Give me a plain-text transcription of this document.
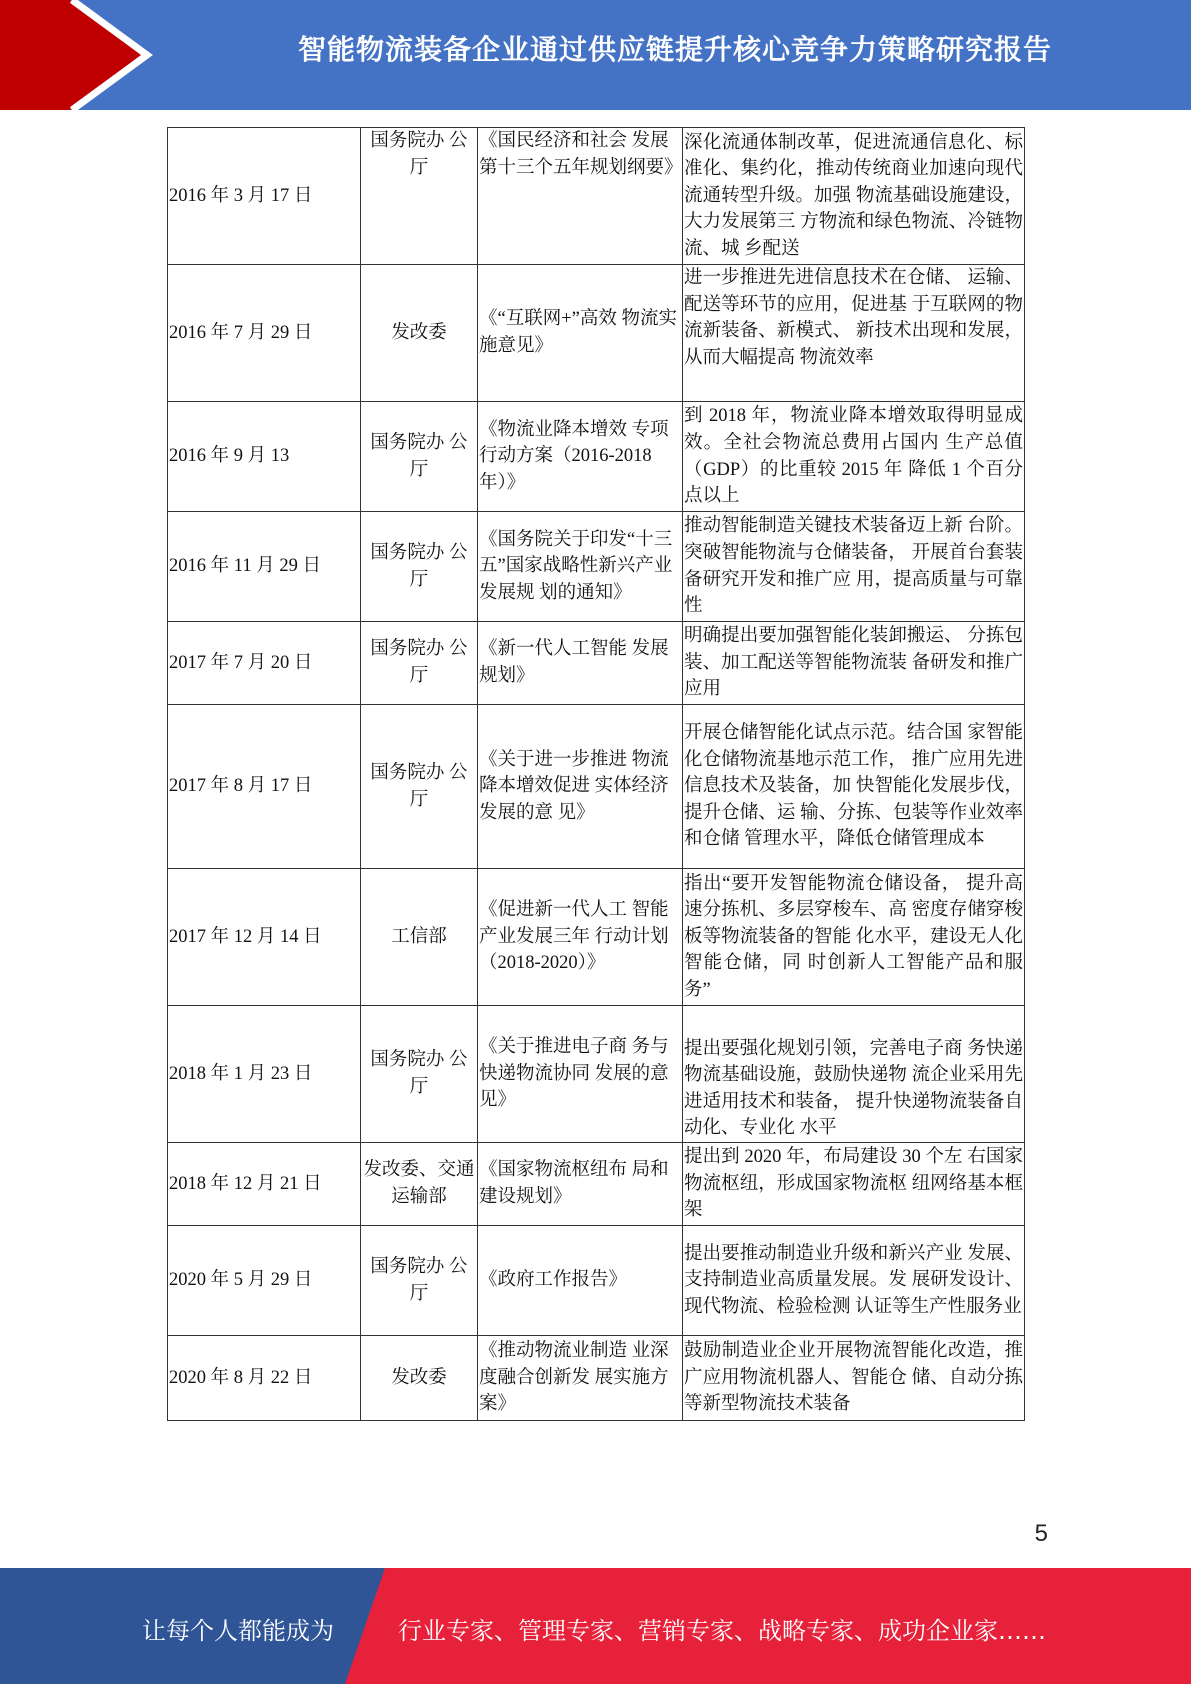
智能物流装备企业通过供应链提升核心竞争力策略研究报告
2016 年 3 月 17 日	国务院办 公厅	《国民经济和社会 发展第十三个五年规划纲要》	深化流通体制改革，促进流通信息化、标准化、集约化，推动传统商业加速向现代流通转型升级。加强 物流基础设施建设，大力发展第三 方物流和绿色物流、冷链物流、城 乡配送
2016 年 7 月 29 日	发改委	《“互联网+”高效 物流实施意见》	进一步推进先进信息技术在仓储、 运输、配送等环节的应用，促进基 于互联网的物流新装备、新模式、 新技术出现和发展，从而大幅提高 物流效率
2016 年 9 月 13	国务院办 公厅	《物流业降本增效 专项行动方案（2016-2018 年）》	到 2018 年，物流业降本增效取得明显成效。全社会物流总费用占国内 生产总值（GDP）的比重较 2015 年 降低 1 个百分点以上
2016 年 11 月 29 日	国务院办 公厅	《国务院关于印发“十三五”国家战略性新兴产业发展规 划的通知》	推动智能制造关键技术装备迈上新 台阶。突破智能物流与仓储装备， 开展首台套装备研究开发和推广应 用，提高质量与可靠性
2017 年 7 月 20 日	国务院办 公厅	《新一代人工智能 发展规划》	明确提出要加强智能化装卸搬运、 分拣包装、加工配送等智能物流装 备研发和推广应用
2017 年 8 月 17 日	国务院办 公厅	《关于进一步推进 物流降本增效促进 实体经济发展的意 见》	开展仓储智能化试点示范。结合国 家智能化仓储物流基地示范工作， 推广应用先进信息技术及装备，加 快智能化发展步伐，提升仓储、运 输、分拣、包装等作业效率和仓储 管理水平，降低仓储管理成本
2017 年 12 月 14 日	工信部	《促进新一代人工 智能产业发展三年 行动计划（2018-2020）》	指出“要开发智能物流仓储设备， 提升高速分拣机、多层穿梭车、高 密度存储穿梭板等物流装备的智能 化水平，建设无人化智能仓储，同 时创新人工智能产品和服务”
2018 年 1 月 23 日	国务院办 公厅	《关于推进电子商 务与快递物流协同 发展的意见》	提出要强化规划引领，完善电子商 务快递物流基础设施，鼓励快递物 流企业采用先进适用技术和装备， 提升快递物流装备自动化、专业化 水平
2018 年 12 月 21 日	发改委、交通运输部	《国家物流枢纽布 局和建设规划》	提出到 2020 年，布局建设 30 个左 右国家物流枢纽，形成国家物流枢 纽网络基本框架
2020 年 5 月 29 日	国务院办 公厅	《政府工作报告》	提出要推动制造业升级和新兴产业 发展、支持制造业高质量发展。发 展研发设计、现代物流、检验检测 认证等生产性服务业
2020 年 8 月 22 日	发改委	《推动物流业制造 业深度融合创新发 展实施方案》	鼓励制造业企业开展物流智能化改造，推广应用物流机器人、智能仓 储、自动分拣等新型物流技术装备
5
让每个人都能成为	行业专家、管理专家、营销专家、战略专家、成功企业家……
